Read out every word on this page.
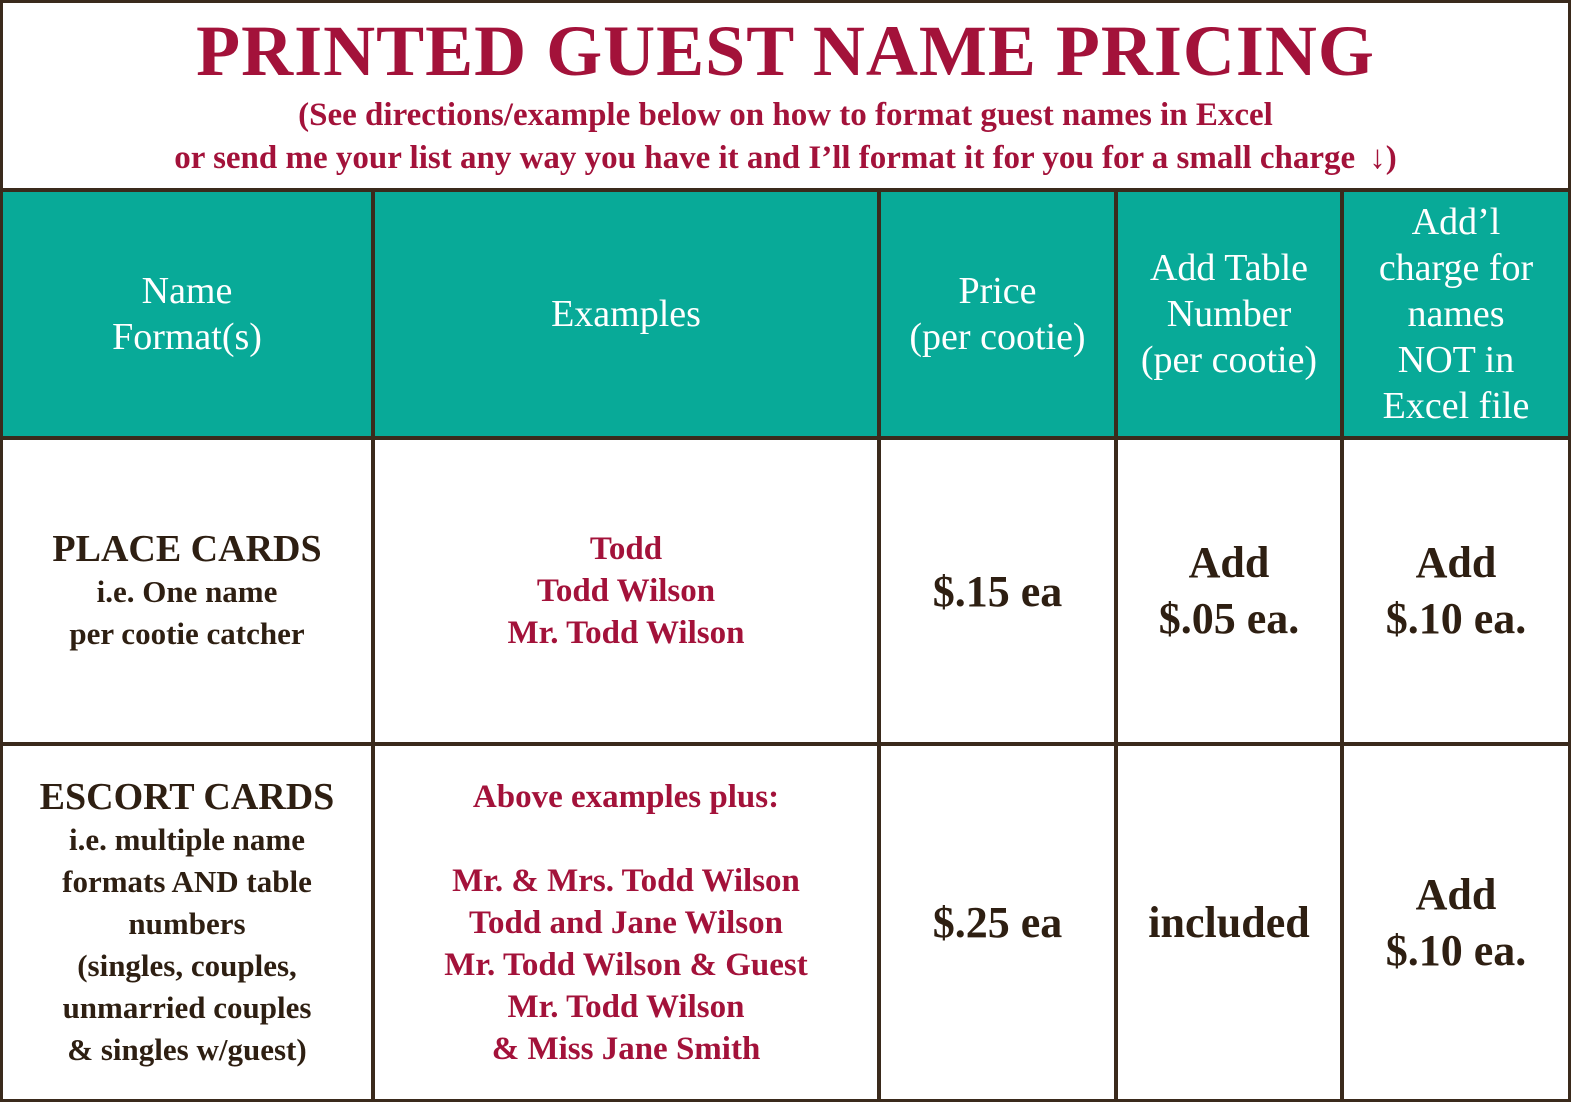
PRINTED GUEST NAME PRICING
(See directions/example below on how to format guest names in Excel
or send me your list any way you have it and I’ll format it for you for a small charge ↓)
Name
Format(s)
Examples
Price
(per cootie)
Add Table
Number
(per cootie)
Add’l
charge for
names
NOT in
Excel file
PLACE CARDS
i.e. One name
per cootie catcher
Todd
Todd Wilson
Mr. Todd Wilson
$.15 ea
Add
$.05 ea.
Add
$.10 ea.
ESCORT CARDS
i.e. multiple name
formats AND table
numbers
(singles, couples,
unmarried couples
& singles w/guest)
Above examples plus:

Mr. & Mrs. Todd Wilson
Todd and Jane Wilson
Mr. Todd Wilson & Guest
Mr. Todd Wilson
& Miss Jane Smith
$.25 ea included
Add
$.10 ea.
